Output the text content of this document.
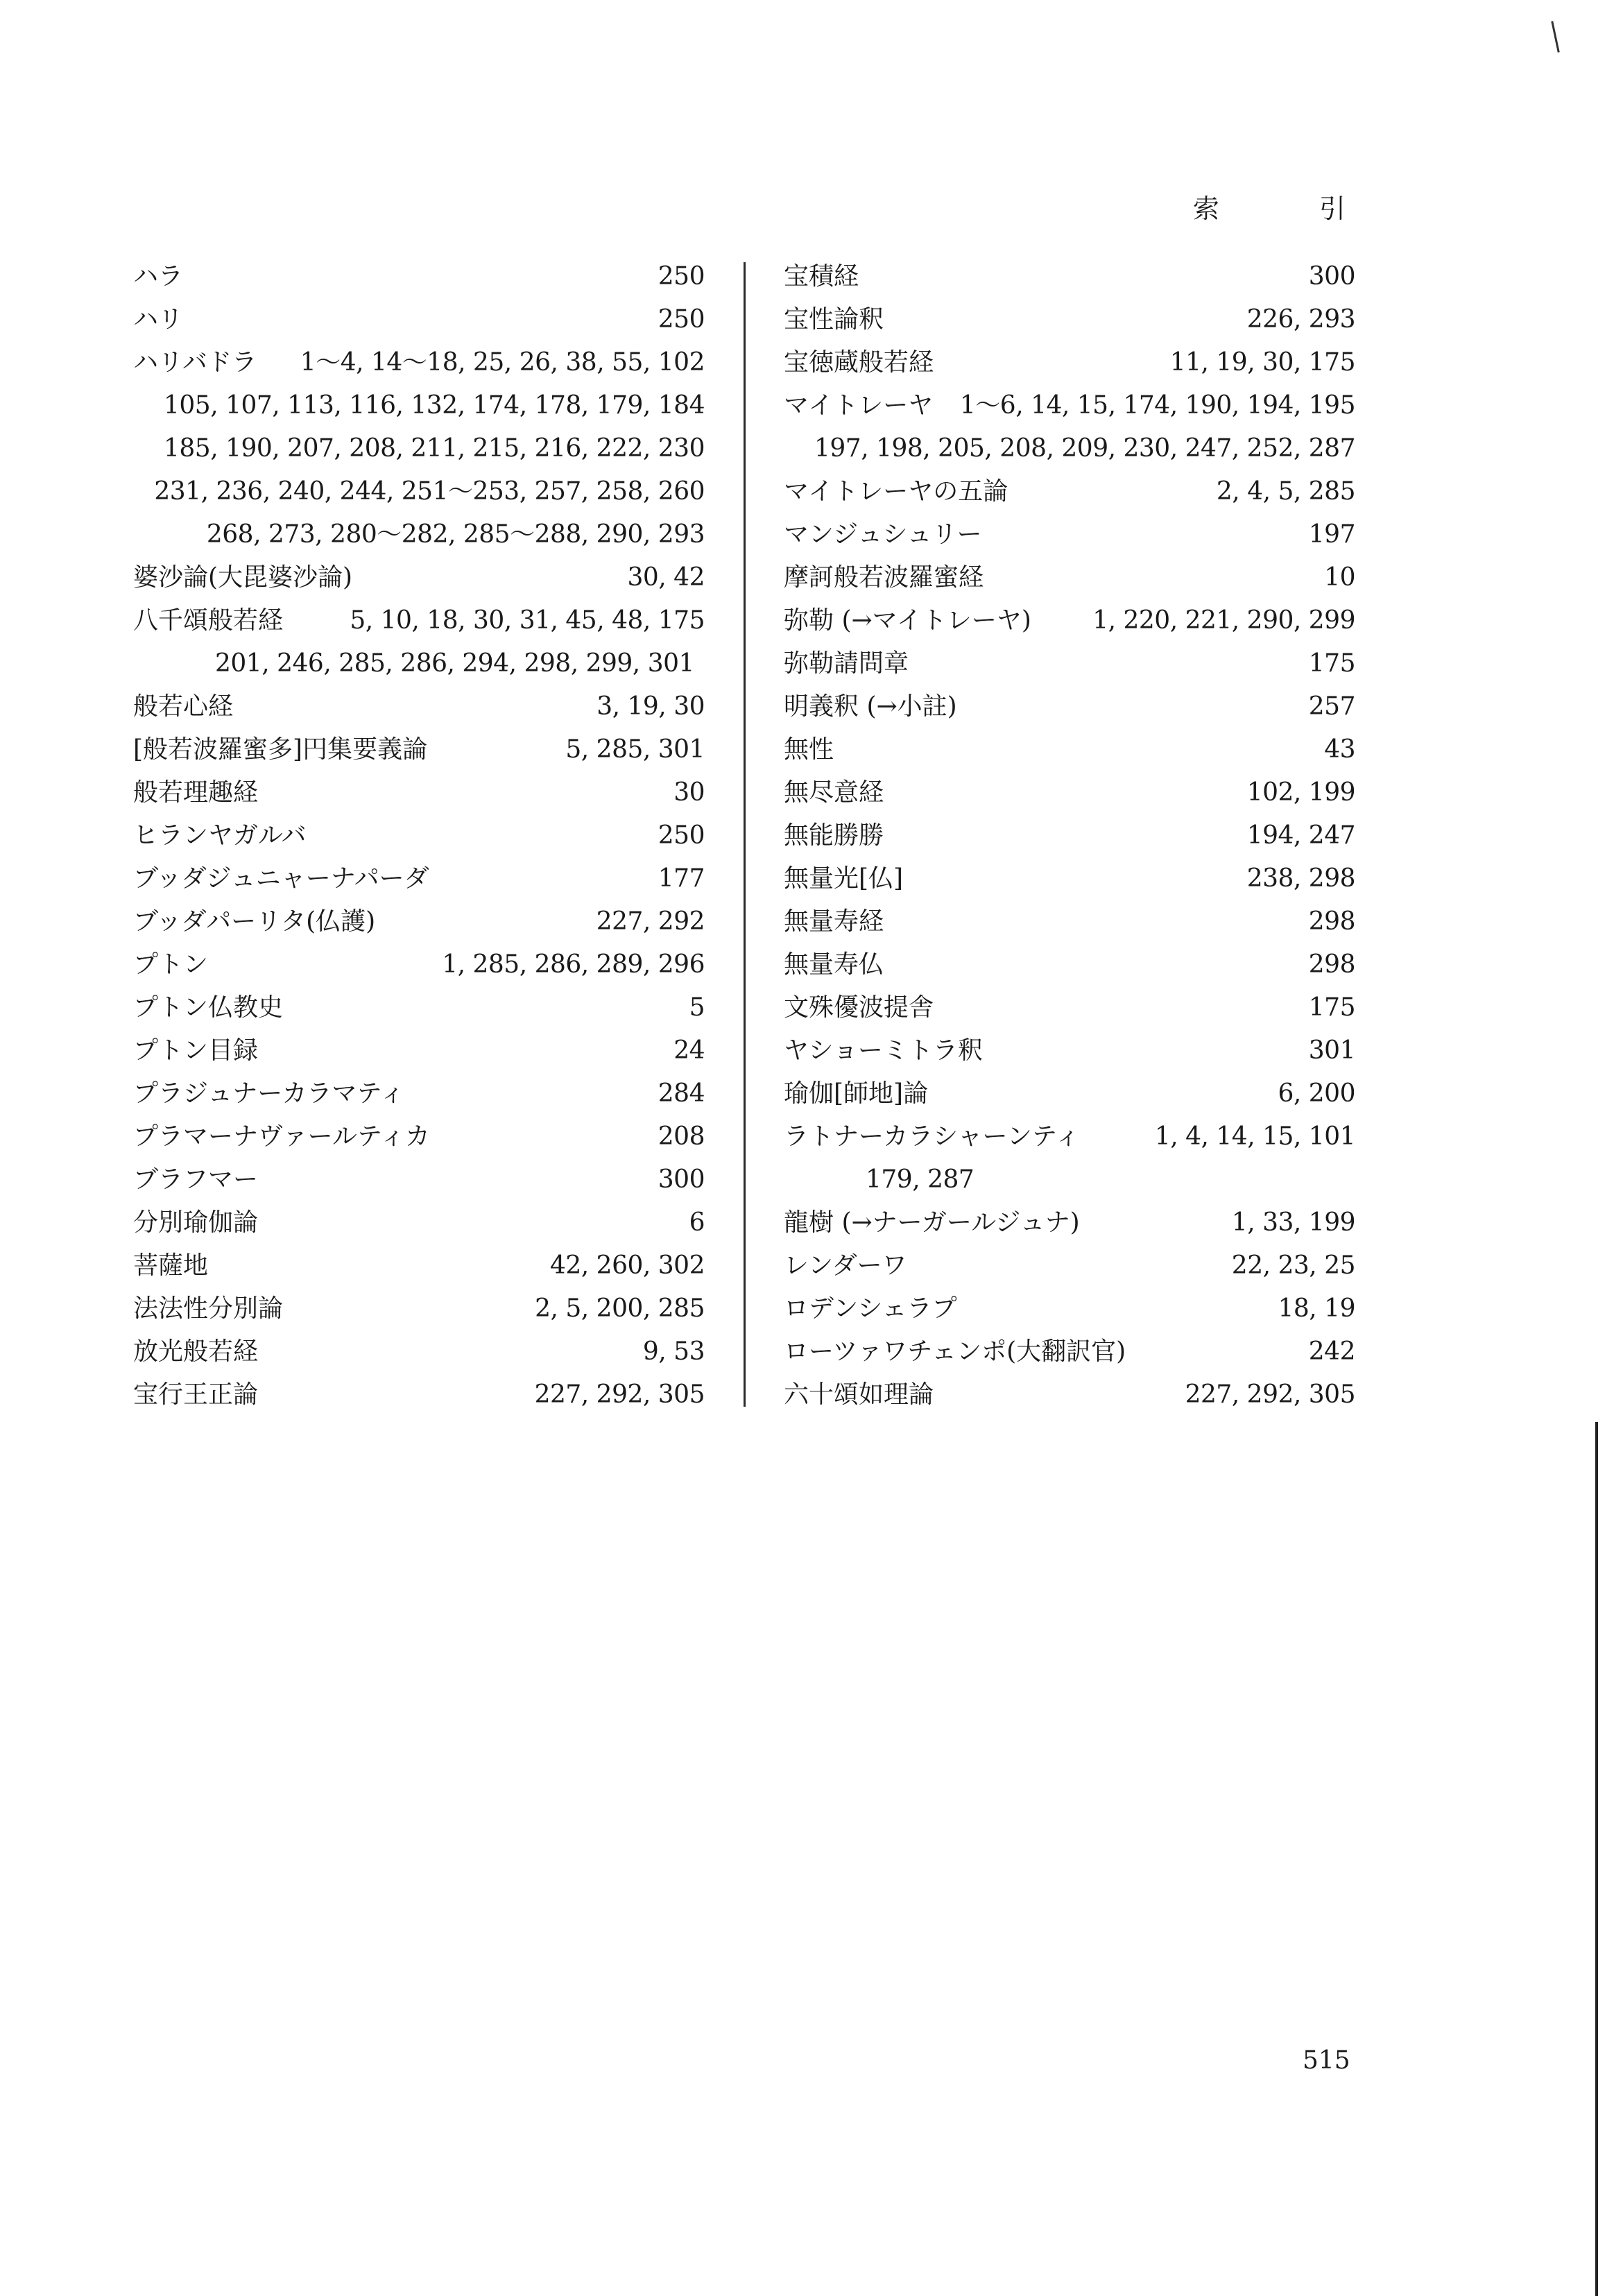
索	引
ハラ	250
ハリ	250
ハリバドラ 1～4, 14～18, 25, 26, 38, 55, 102
105, 107, 113, 116, 132, 174, 178, 179, 184
185, 190, 207, 208, 211, 215, 216, 222, 230
231, 236, 240, 244, 251～253, 257, 258, 260
268, 273, 280～282, 285～288, 290, 293
婆沙論(大毘婆沙論)	30, 42
八千頌般若経	5, 10, 18, 30, 31, 45, 48, 175
201, 246, 285, 286, 294, 298, 299, 301
般若心経	3, 19, 30
[般若波羅蜜多]円集要義論	5, 285, 301
般若理趣経	30
ヒランヤガルバ	250
ブッダジュニャーナパーダ	177
ブッダパーリタ(仏護)	227, 292
プトン	1, 285, 286, 289, 296
プトン仏教史	5
プトン目録	24
プラジュナーカラマティ	284
プラマーナヴァールティカ	208
ブラフマー	300
分別瑜伽論	6
菩薩地	42, 260, 302
法法性分別論	2, 5, 200, 285
放光般若経	9, 53
宝行王正論	227, 292, 305
宝積経	300
宝性論釈	226, 293
宝徳蔵般若経	11, 19, 30, 175
マイトレーヤ 1～6, 14, 15, 174, 190, 194, 195
197, 198, 205, 208, 209, 230, 247, 252, 287
マイトレーヤの五論	2, 4, 5, 285
マンジュシュリー	197
摩訶般若波羅蜜経	10
弥勒 (→マイトレーヤ) 1, 220, 221, 290, 299
弥勒請問章	175
明義釈 (→小註)	257
無性	43
無尽意経	102, 199
無能勝勝	194, 247
無量光[仏]	238, 298
無量寿経	298
無量寿仏	298
文殊優波提舎	175
ヤショーミトラ釈	301
瑜伽[師地]論	6, 200
ラトナーカラシャーンティ	1, 4, 14, 15, 101
179, 287
龍樹 (→ナーガールジュナ)	1, 33, 199
レンダーワ	22, 23, 25
ロデンシェラプ	18, 19
ローツァワチェンポ(大翻訳官)	242
六十頌如理論	227, 292, 305
515
